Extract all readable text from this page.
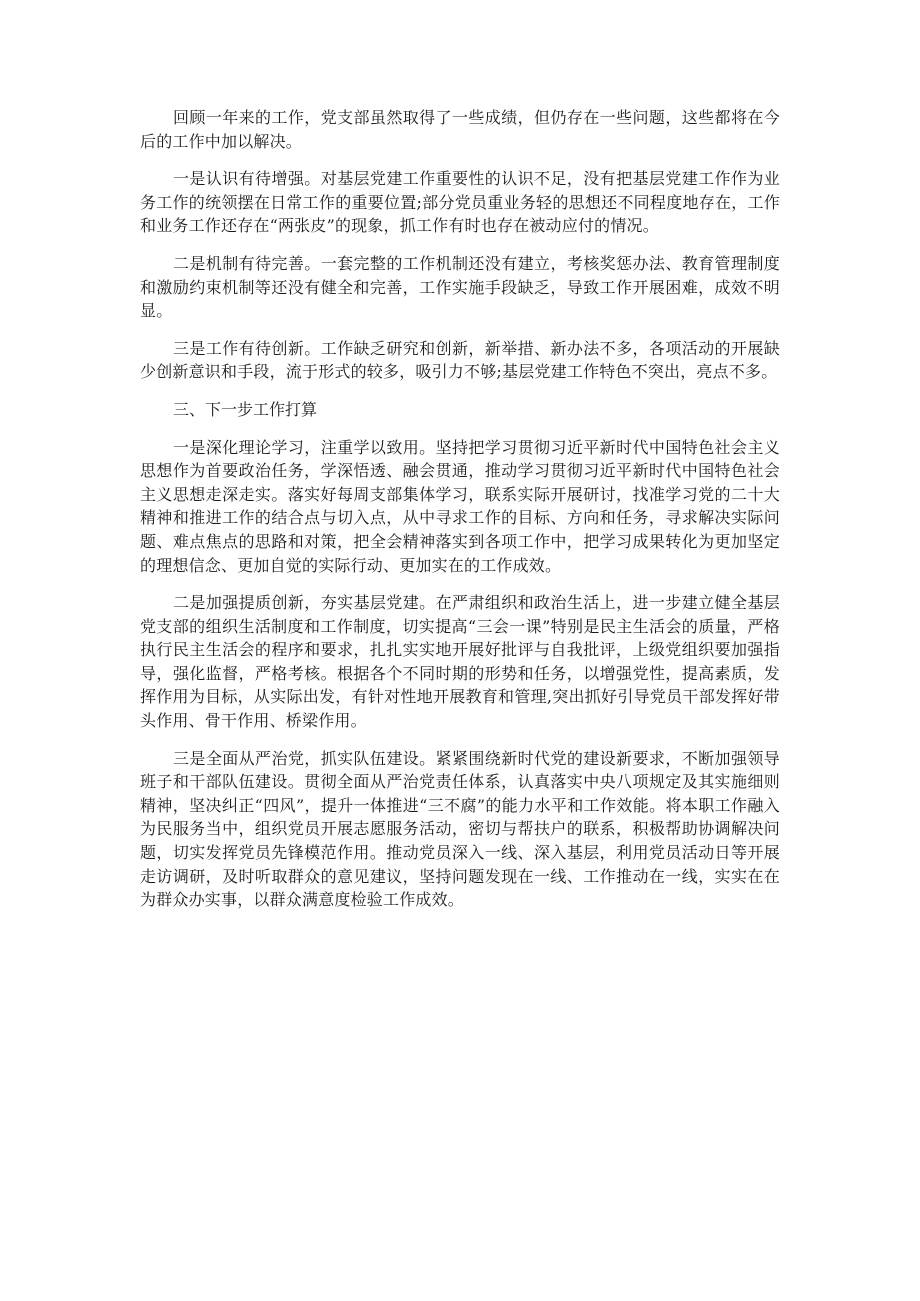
回顾一年来的工作，党支部虽然取得了一些成绩，但仍存在一些问题，这些都将在今后的工作中加以解决。

一是认识有待增强。对基层党建工作重要性的认识不足，没有把基层党建工作作为业务工作的统领摆在日常工作的重要位置;部分党员重业务轻的思想还不同程度地存在，工作和业务工作还存在“两张皮”的现象，抓工作有时也存在被动应付的情况。

二是机制有待完善。一套完整的工作机制还没有建立，考核奖惩办法、教育管理制度和激励约束机制等还没有健全和完善，工作实施手段缺乏，导致工作开展困难，成效不明显。

三是工作有待创新。工作缺乏研究和创新，新举措、新办法不多，各项活动的开展缺少创新意识和手段，流于形式的较多，吸引力不够;基层党建工作特色不突出，亮点不多。

三、下一步工作打算

一是深化理论学习，注重学以致用。坚持把学习贯彻习近平新时代中国特色社会主义思想作为首要政治任务，学深悟透、融会贯通，推动学习贯彻习近平新时代中国特色社会主义思想走深走实。落实好每周支部集体学习，联系实际开展研讨，找准学习党的二十大精神和推进工作的结合点与切入点，从中寻求工作的目标、方向和任务，寻求解决实际问题、难点焦点的思路和对策，把全会精神落实到各项工作中，把学习成果转化为更加坚定的理想信念、更加自觉的实际行动、更加实在的工作成效。

二是加强提质创新，夯实基层党建。在严肃组织和政治生活上，进一步建立健全基层党支部的组织生活制度和工作制度，切实提高“三会一课”特别是民主生活会的质量，严格执行民主生活会的程序和要求，扎扎实实地开展好批评与自我批评，上级党组织要加强指导，强化监督，严格考核。根据各个不同时期的形势和任务，以增强党性，提高素质，发挥作用为目标，从实际出发，有针对性地开展教育和管理,突出抓好引导党员干部发挥好带头作用、骨干作用、桥梁作用。

三是全面从严治党，抓实队伍建设。紧紧围绕新时代党的建设新要求，不断加强领导班子和干部队伍建设。贯彻全面从严治党责任体系，认真落实中央八项规定及其实施细则精神，坚决纠正“四风”，提升一体推进“三不腐”的能力水平和工作效能。将本职工作融入为民服务当中，组织党员开展志愿服务活动，密切与帮扶户的联系，积极帮助协调解决问题，切实发挥党员先锋模范作用。推动党员深入一线、深入基层，利用党员活动日等开展走访调研，及时听取群众的意见建议，坚持问题发现在一线、工作推动在一线，实实在在为群众办实事，以群众满意度检验工作成效。
